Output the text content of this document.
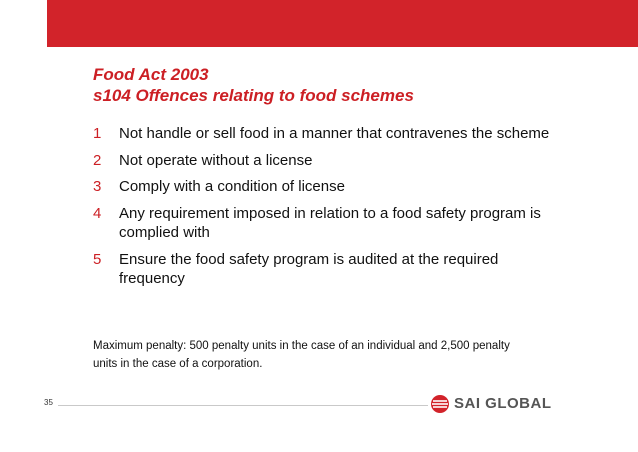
Food Act 2003
s104 Offences relating to food schemes
1	Not handle or sell food in a manner that contravenes the scheme
2	Not operate without a license
3	Comply with a condition of license
4	Any requirement imposed in relation to a food safety program is complied with
5	Ensure the food safety program is audited at the required frequency

Maximum penalty: 500 penalty units in the case of an individual and 2,500 penalty units in the case of a corporation.

35	SAI GLOBAL
